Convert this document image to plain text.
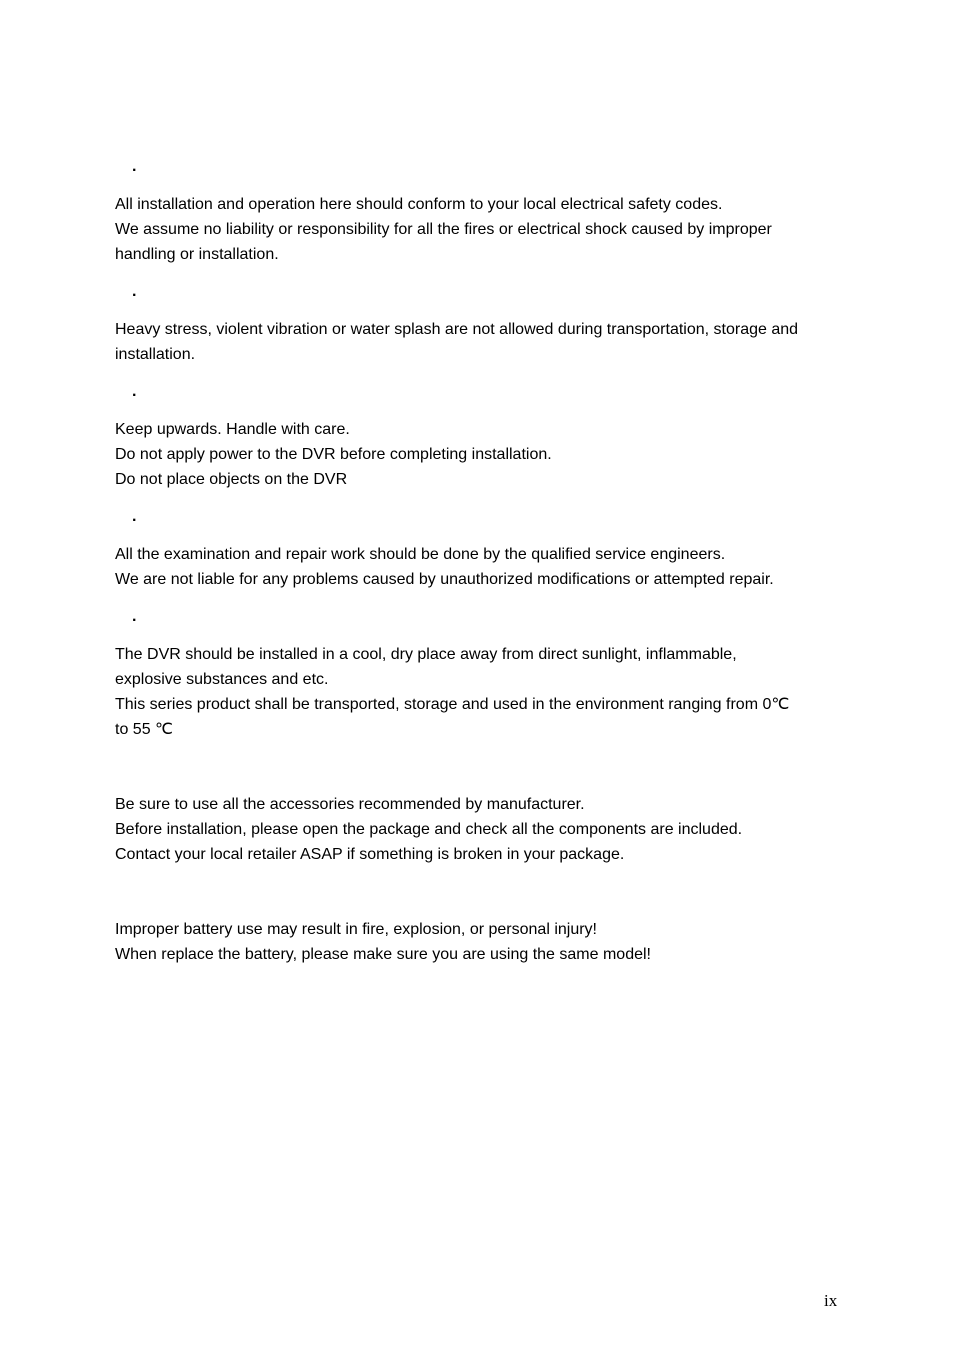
·
All installation and operation here should conform to your local electrical safety codes.
We assume no liability or responsibility for all the fires or electrical shock caused by improper
handling or installation.
·
Heavy stress, violent vibration or water splash are not allowed during transportation, storage and
installation.
·
Keep upwards. Handle with care.
Do not apply power to the DVR before completing installation.
Do not place objects on the DVR
·
All the examination and repair work should be done by the qualified service engineers.
We are not liable for any problems caused by unauthorized modifications or attempted repair.
·
The DVR should be installed in a cool, dry place away from direct sunlight, inflammable,
explosive substances and etc.
This series product shall be transported, storage and used in the environment ranging from 0℃
to 55 ℃
Be sure to use all the accessories recommended by manufacturer.
Before installation, please open the package and check all the components are included.
Contact your local retailer ASAP if something is broken in your package.
Improper battery use may result in fire, explosion, or personal injury!
When replace the battery, please make sure you are using the same model!
ix
